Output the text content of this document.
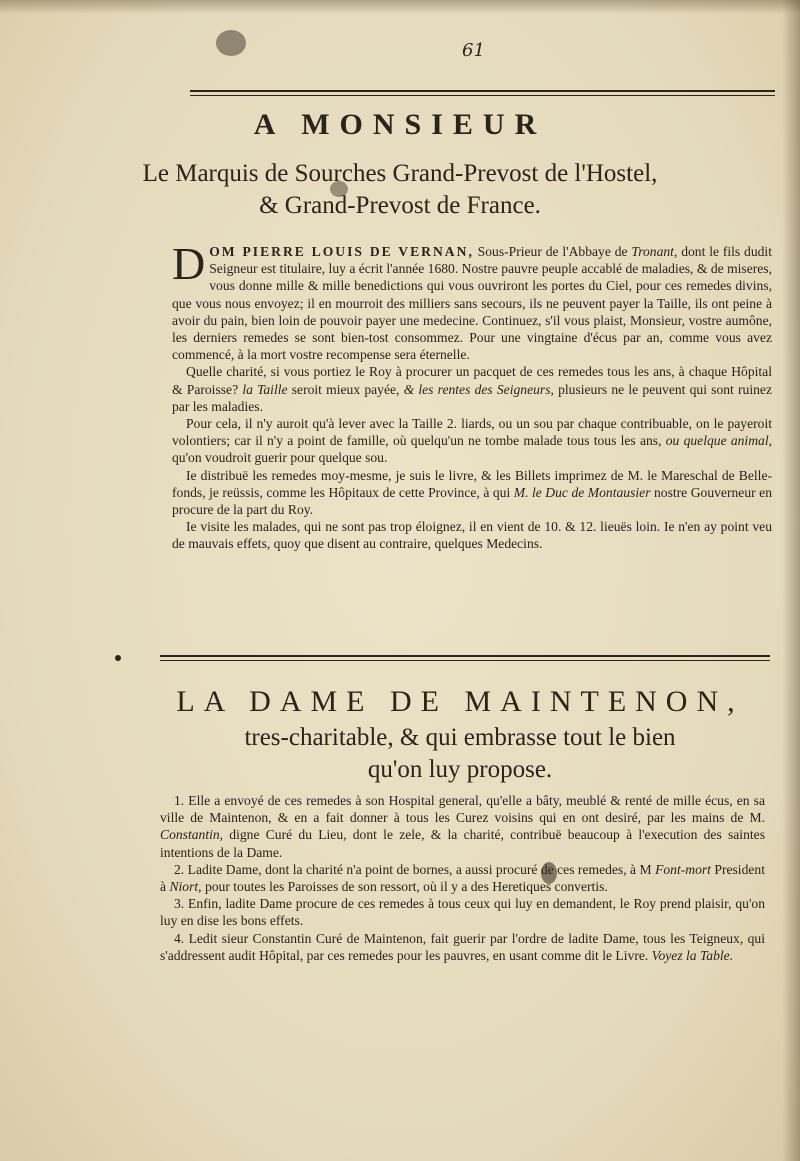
61
A MONSIEUR
Le Marquis de Sourches Grand-Prevost de l'Hostel,
& Grand-Prevost de France.

DOM PIERRE LOUIS DE VERNAN, Sous-Prieur de l'Abbaye de Tronant, dont le fils dudit Seigneur est titulaire, luy a écrit l'année 1680. Nostre pauvre peuple accablé de maladies, & de miseres, vous donne mille & mille benedictions qui vous ouvriront les portes du Ciel, pour ces remedes divins, que vous nous envoyez; il en mourroit des milliers sans secours, ils ne peuvent payer la Taille, ils ont peine à avoir du pain, bien loin de pouvoir payer une medecine. Continuez, s'il vous plaist, Monsieur, vostre aumône, les derniers remedes se sont bien-tost consommez. Pour une vingtaine d'écus par an, comme vous avez commencé, à la mort vostre recompense sera éternelle.

Quelle charité, si vous portiez le Roy à procurer un pacquet de ces remedes tous les ans, à chaque Hôpital & Paroisse? la Taille seroit mieux payée, & les rentes des Seigneurs, plusieurs ne le peuvent qui sont ruinez par les maladies.

Pour cela, il n'y auroit qu'à lever avec la Taille 2. liards, ou un sou par chaque contribuable, on le payeroit volontiers; car il n'y a point de famille, où quelqu'un ne tombe malade tous tous les ans, ou quelque animal, qu'on voudroit guerir pour quelque sou.

Ie distribuë les remedes moy-mesme, je suis le livre, & les Billets imprimez de M. le Mareschal de Belle-fonds, je reüssis, comme les Hôpitaux de cette Province, à qui M. le Duc de Montausier nostre Gouverneur en procure de la part du Roy.

Ie visite les malades, qui ne sont pas trop éloignez, il en vient de 10. & 12. lieuës loin. Ie n'en ay point veu de mauvais effets, quoy que disent au contraire, quelques Medecins.

LA DAME DE MAINTENON,
tres-charitable, & qui embrasse tout le bien
qu'on luy propose.

1. Elle a envoyé de ces remedes à son Hospital general, qu'elle a bâty, meublé & renté de mille écus, en sa ville de Maintenon, & en a fait donner à tous les Curez voisins qui en ont desiré, par les mains de M. Constantin, digne Curé du Lieu, dont le zele, & la charité, contribuë beaucoup à l'execution des saintes intentions de la Dame.

2. Ladite Dame, dont la charité n'a point de bornes, a aussi procuré de ces remedes, à M Font-mort President à Niort, pour toutes les Paroisses de son ressort, où il y a des Heretiques convertis.

3. Enfin, ladite Dame procure de ces remedes à tous ceux qui luy en demandent, le Roy prend plaisir, qu'on luy en dise les bons effets.

4. Ledit sieur Constantin Curé de Maintenon, fait guerir par l'ordre de ladite Dame, tous les Teigneux, qui s'addressent audit Hôpital, par ces remedes pour les pauvres, en usant comme dit le Livre. Voyez la Table.
